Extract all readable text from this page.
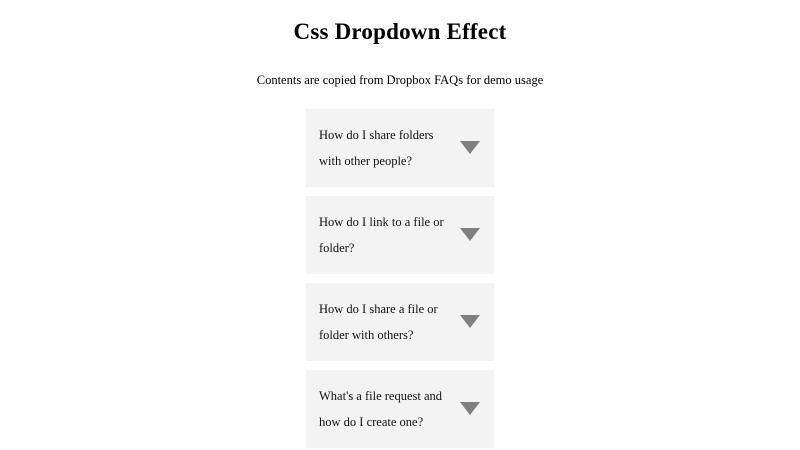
Css Dropdown Effect

Contents are copied from Dropbox FAQs for demo usage

How do I share folders with other people?
How do I link to a file or folder?
How do I share a file or folder with others?
What's a file request and how do I create one?
